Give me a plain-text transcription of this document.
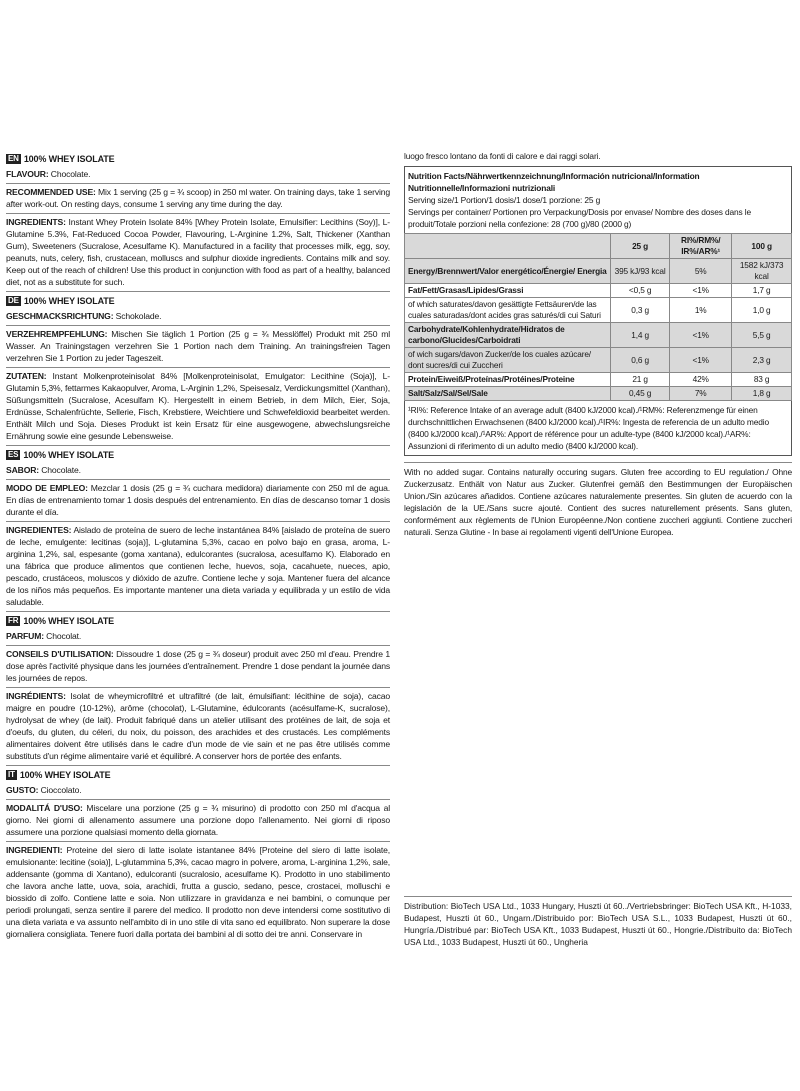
EN 100% WHEY ISOLATE
FLAVOUR: Chocolate.
RECOMMENDED USE: Mix 1 serving (25 g = ¾ scoop) in 250 ml water. On training days, take 1 serving after work-out. On resting days, consume 1 serving any time during the day.
INGREDIENTS: Instant Whey Protein Isolate 84% [Whey Protein Isolate, Emulsifier: Lecithins (Soy)], L-Glutamine 5.3%, Fat-Reduced Cocoa Powder, Flavouring, L-Arginine 1.2%, Salt, Thickener (Xanthan Gum), Sweeteners (Sucralose, Acesulfame K). Manufactured in a facility that processes milk, egg, soy, peanuts, nuts, celery, fish, crustacean, molluscs and sulphur dioxide ingredients. Contains milk and soy. Keep out of the reach of children! Use this product in conjunction with food as part of a healthy, balanced diet, not as a substitute for such.
DE 100% WHEY ISOLATE
GESCHMACKSRICHTUNG: Schokolade.
VERZEHREMPFEHLUNG: Mischen Sie täglich 1 Portion (25 g = ¾ Messlöffel) Produkt mit 250 ml Wasser. An Trainingstagen verzehren Sie 1 Portion nach dem Training. An trainingsfreien Tagen verzehren Sie 1 Portion zu jeder Tageszeit.
ZUTATEN: Instant Molkenproteinisolat 84% [Molkenproteinisolat, Emulgator: Lecithine (Soja)], L-Glutamin 5,3%, fettarmes Kakaopulver, Aroma, L-Arginin 1,2%, Speisesalz, Verdickungsmittel (Xanthan), Süßungsmitteln (Sucralose, Acesulfam K). Hergestellt in einem Betrieb, in dem Milch, Eier, Soja, Erdnüsse, Schalenfrüchte, Sellerie, Fisch, Krebstiere, Weichtiere und Schwefeldioxid bearbeitet werden. Enthält Milch und Soja. Dieses Produkt ist kein Ersatz für eine ausgewogene, abwechslungsreiche Ernährung sowie eine gesunde Lebensweise.
ES 100% WHEY ISOLATE
SABOR: Chocolate.
MODO DE EMPLEO: Mezclar 1 dosis (25 g = ¾ cuchara medidora) diariamente con 250 ml de agua. En días de entrenamiento tomar 1 dosis después del entrenamiento. En días de descanso tomar 1 dosis durante el día.
INGREDIENTES: Aislado de proteína de suero de leche instantánea 84% [aislado de proteína de suero de leche, emulgente: lecitinas (soja)], L-glutamina 5,3%, cacao en polvo bajo en grasa, aroma, L-arginina 1,2%, sal, espesante (goma xantana), edulcorantes (sucralosa, acesulfamo K). Elaborado en una fábrica que produce alimentos que contienen leche, huevos, soja, cacahuete, nueces, apio, pescado, crustáceos, moluscos y dióxido de azufre. Contiene leche y soja. Mantener fuera del alcance de los niños más pequeños. Es importante mantener una dieta variada y equilibrada y un estilo de vida saludable.
FR 100% WHEY ISOLATE
PARFUM: Chocolat.
CONSEILS D'UTILISATION: Dissoudre 1 dose (25 g = ¾ doseur) produit avec 250 ml d'eau. Prendre 1 dose après l'activité physique dans les journées d'entraînement. Prendre 1 dose pendant la journée dans les journées de repos.
INGRÉDIENTS: Isolat de wheymicrofiltré et ultrafiltré (de lait, émulsifiant: lécithine de soja), cacao maigre en poudre (10-12%), arôme (chocolat), L-Glutamine, édulcorants (acésulfame-K, sucralose), hydrolysat de whey (de lait). Produit fabriqué dans un atelier utilisant des protéines de lait, de soja et d'oeufs, du gluten, du céleri, du noix, du poisson, des arachides et des crustacés. Les compléments alimentaires doivent être utilisés dans le cadre d'un mode de vie sain et ne pas être utilisés comme substituts d'un régime alimentaire varié et équilibré. A conserver hors de portée des enfants.
IT 100% WHEY ISOLATE
GUSTO: Cioccolato.
MODALITÁ D'USO: Miscelare una porzione (25 g = ¾ misurino) di prodotto con 250 ml d'acqua al giorno. Nei giorni di allenamento assumere una porzione dopo l'allenamento. Nei giorni di riposo assumere una porzione qualsiasi momento della giornata.
INGREDIENTI: Proteine del siero di latte isolate istantanee 84% [Proteine del siero di latte isolate, emulsionante: lecitine (soia)], L-glutammina 5,3%, cacao magro in polvere, aroma, L-arginina 1,2%, sale, addensante (gomma di Xantano), edulcoranti (sucralosio, acesulfame K). Prodotto in uno stabilimento che lavora anche latte, uova, soia, arachidi, frutta a guscio, sedano, pesce, crostacei, molluschi e biossido di zolfo. Contiene latte e soia. Non utilizzare in gravidanza e nei bambini, o comunque per periodi prolungati, senza sentire il parere del medico. Il prodotto non deve intendersi come sostitutivo di una dieta variata e va assunto nell'ambito di in uno stile di vita sano ed equilibrato. Non superare la dose giornaliera consigliata. Tenere fuori dalla portata dei bambini al di sotto dei tre anni. Conservare in
luogo fresco lontano da fonti di calore e dai raggi solari.
Nutrition Facts/Nährwertkennzeichnung/Información nutricional/Information Nutritionnelle/Informazioni nutrizionali
Serving size/1 Portion/1 dosis/1 dose/1 porzione: 25 g
Servings per container/ Portionen pro Verpackung/Dosis por envase/ Nombre des doses dans le produit/Totale porzioni nella confezione: 28 (700 g)/80 (2000 g)
	25 g	RI%/RM%/ IR%/AR%¹	100 g
Energy/Brennwert/Valor energético/Énergie/ Energia	395 kJ/93 kcal	5%	1582 kJ/373 kcal
Fat/Fett/Grasas/Lipides/Grassi	<0,5 g	<1%	1,7 g
of which saturates/davon gesättigte Fettsäuren/de las cuales saturadas/dont acides gras saturés/di cui Saturi	0,3 g	1%	1,0 g
Carbohydrate/Kohlenhydrate/Hidratos de carbono/Glucides/Carboidrati	1,4 g	<1%	5,5 g
of wich sugars/davon Zucker/de los cuales azúcare/ dont sucres/di cui Zuccheri	0,6 g	<1%	2,3 g
Protein/Eiweiß/Proteínas/Protéines/Proteine	21 g	42%	83 g
Salt/Salz/Sal/Sel/Sale	0,45 g	7%	1,8 g
¹RI%: Reference Intake of an average adult (8400 kJ/2000 kcal)./¹RM%: Referenzmenge für einen durchschnittlichen Erwachsenen (8400 kJ/2000 kcal)./¹IR%: Ingesta de referencia de un adulto medio (8400 kJ/2000 kcal)./¹AR%: Apport de référence pour un adulte-type (8400 kJ/2000 kcal)./¹AR%: Assunzioni di riferimento di un adulto medio (8400 kJ/2000 kcal).
With no added sugar. Contains naturally occuring sugars. Gluten free according to EU regulation./ Ohne Zuckerzusatz. Enthält von Natur aus Zucker. Glutenfrei gemäß den Bestimmungen der Europäischen Union./Sin azúcares añadidos. Contiene azúcares naturalemente presentes. Sin gluten de acuerdo con la legislación de la UE./Sans sucre ajouté. Contient des sucres naturellement présents. Sans gluten, conformément aux règlements de l'Union Européenne./Non contiene zuccheri aggiunti. Contiene zuccheri naturali. Senza Glutine - In base ai regolamenti vigenti dell'Unione Europea.
Distribution: BioTech USA Ltd., 1033 Hungary, Huszti út 60../Vertriebsbringer: BioTech USA Kft., H-1033, Budapest, Huszti út 60., Ungarn./Distribuido por: BioTech USA S.L., 1033 Budapest, Huszti út 60., Hungría./Distribué par: BioTech USA Kft., 1033 Budapest, Huszti út 60., Hongrie./Distribuito da: BioTech USA Ltd., 1033 Budapest, Huszti út 60., Ungheria
